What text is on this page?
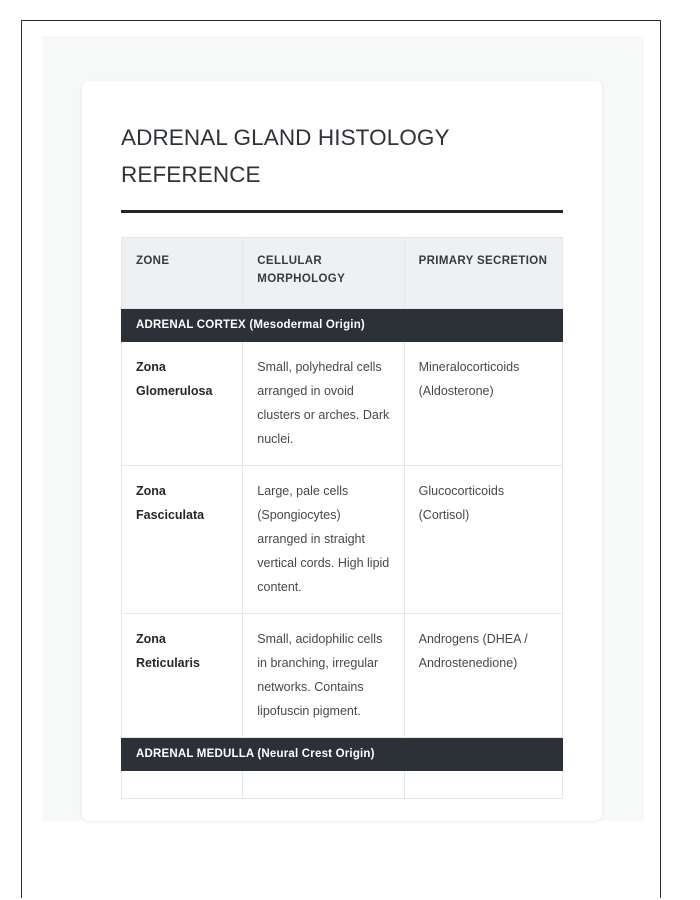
ADRENAL GLAND HISTOLOGY REFERENCE
ZONE	CELLULAR MORPHOLOGY	PRIMARY SECRETION
ADRENAL CORTEX (Mesodermal Origin)		
Zona Glomerulosa	Small, polyhedral cells arranged in ovoid clusters or arches. Dark nuclei.	Mineralocorticoids (Aldosterone)
Zona Fasciculata	Large, pale cells (Spongiocytes) arranged in straight vertical cords. High lipid content.	Glucocorticoids (Cortisol)
Zona Reticularis	Small, acidophilic cells in branching, irregular networks. Contains lipofuscin pigment.	Androgens (DHEA / Androstenedione)
ADRENAL MEDULLA (Neural Crest Origin)		
